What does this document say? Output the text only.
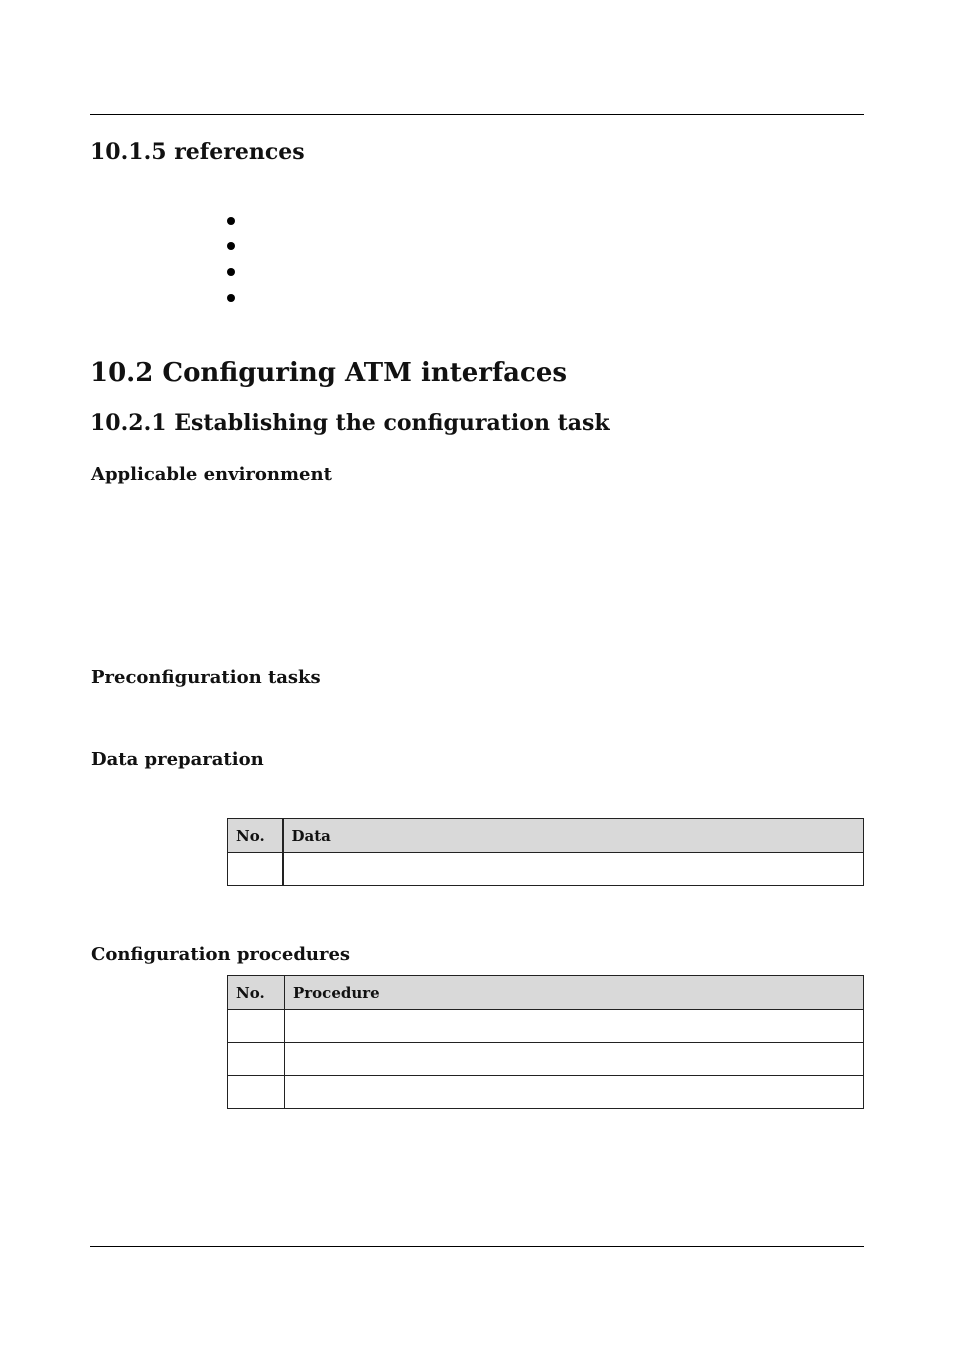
10.1.5 references
10.2 Configuring ATM interfaces
10.2.1 Establishing the configuration task
Applicable environment
Preconfiguration tasks
Data preparation
No.	Data

Configuration procedures
No.	Procedure
